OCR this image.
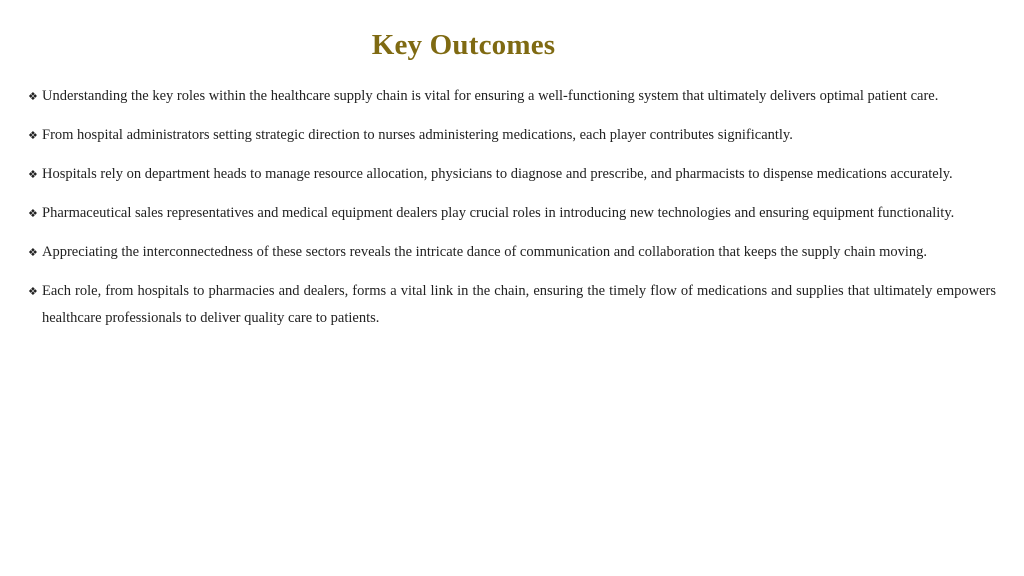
Key Outcomes
❖ Understanding the key roles within the healthcare supply chain is vital for ensuring a well-functioning system that ultimately delivers optimal patient care.
❖ From hospital administrators setting strategic direction to nurses administering medications, each player contributes significantly.
❖ Hospitals rely on department heads to manage resource allocation, physicians to diagnose and prescribe, and pharmacists to dispense medications accurately.
❖ Pharmaceutical sales representatives and medical equipment dealers play crucial roles in introducing new technologies and ensuring equipment functionality.
❖ Appreciating the interconnectedness of these sectors reveals the intricate dance of communication and collaboration that keeps the supply chain moving.
❖ Each role, from hospitals to pharmacies and dealers, forms a vital link in the chain, ensuring the timely flow of medications and supplies that ultimately empowers healthcare professionals to deliver quality care to patients.
